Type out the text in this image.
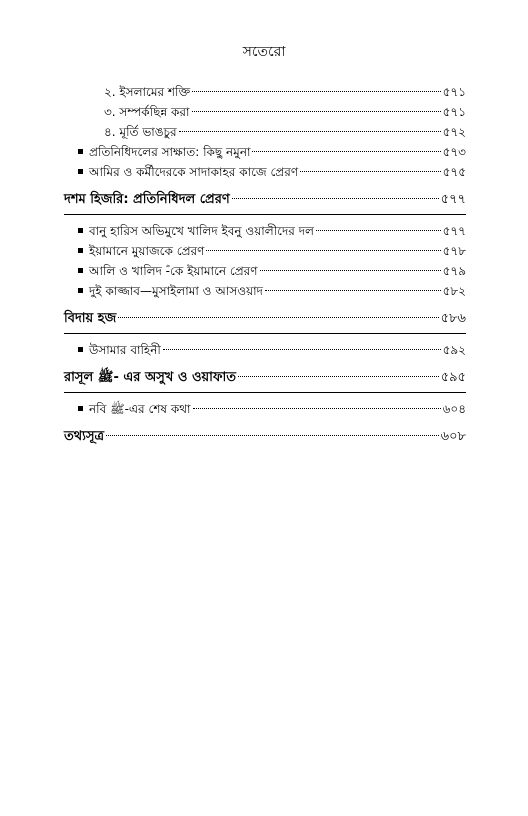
সতেরো
২. ইসলামের শক্তি	৫৭১
৩. সম্পর্কছিন্ন করা	৫৭১
৪. মূর্তি ভাঙচুর	৫৭২
প্রতিনিধিদলের সাক্ষাত: কিছু নমুনা	৫৭৩
আমির ও কর্মীদেরকে সাদাকাহর কাজে প্রেরণ	৫৭৫
দশম হিজরি: প্রতিনিধিদল প্রেরণ	৫৭৭
বানু হারিস অভিমুখে খালিদ ইবনু ওয়ালীদের দল	৫৭৭
ইয়ামানে মুয়াজকে প্রেরণ	৫৭৮
আলি ও খালিদ ؓ-কে ইয়ামানে প্রেরণ	৫৭৯
দুই কাজ্জাব—মুসাইলামা ও আসওয়াদ	৫৮২
বিদায় হজ	৫৮৬
উসামার বাহিনী	৫৯২
রাসূল ﷺ- এর অসুখ ও ওয়াফাত	৫৯৫
নবি ﷺ-এর শেষ কথা	৬০৪
তথ্যসূত্র	৬০৮
